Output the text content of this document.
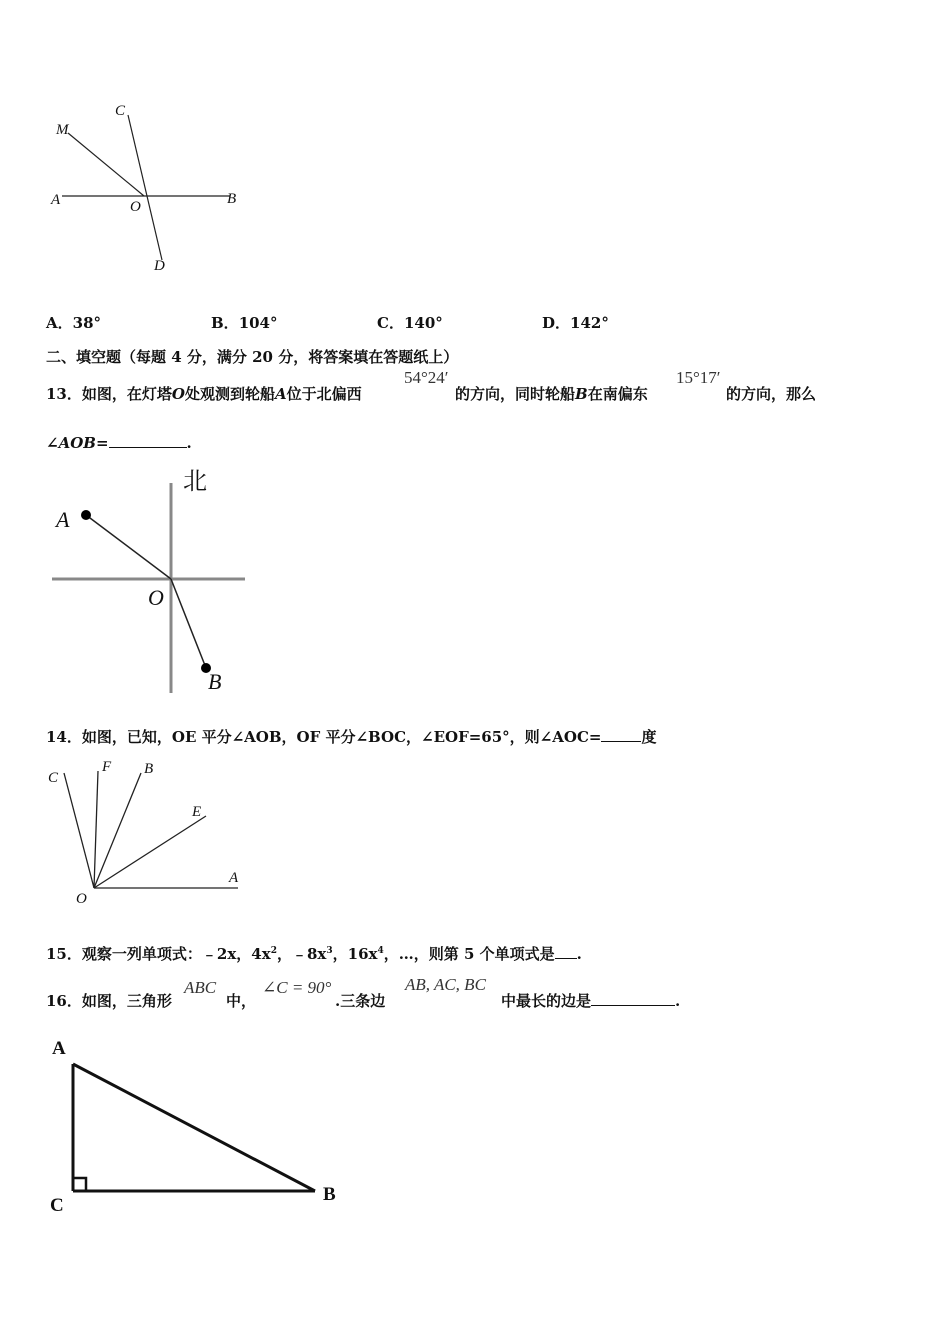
C
M
A	O	B
D
A．38°	B．104°	C．140°	D．142°
二、填空题（每题 4 分，满分 20 分，将答案填在答题纸上）
13．如图，在灯塔O处观测到轮船A位于北偏西
54°24ʹ
的方向，同时轮船B在南偏东
15°17ʹ
的方向，那么
∠AOB=	.
北
A
O
B
14．如图，已知，OE 平分∠AOB，OF 平分∠BOC，∠EOF=65°，则∠AOC=	度
C
F B
E
A
O
15．观察一列单项式：﹣2x，$4x^2$，$﹣8x^3$，$16x^4$，…，则第 5 个单项式是 .
16．如图，三角形
ABC
中，
∠C = 90°
.三条边
AB, AC, BC
中最长的边是	.
A
C
B
